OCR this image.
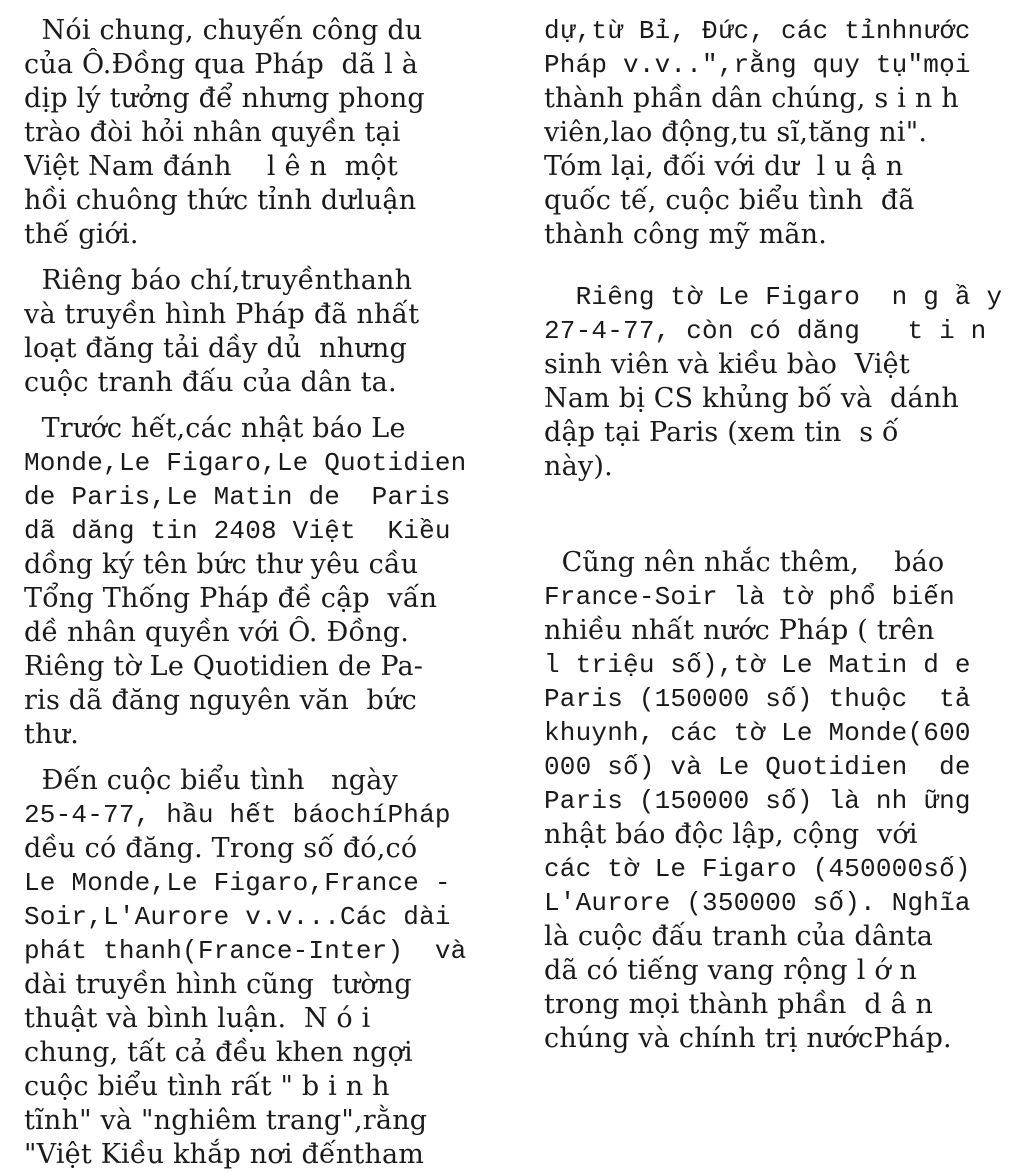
Nói chung, chuyến công du
của Ô.Đồng qua Pháp  dã l à
dịp lý tưởng để nhưng phong
trào đòi hỏi nhân quyền tại
Việt Nam đánh    l ê n  một
hồi chuông thức tỉnh dưluận
thế giới.
Riêng báo chí,truyềnthanh
và truyền hình Pháp đã nhất
loạt đăng tải dầy dủ  nhưng
cuộc tranh đấu của dân ta.
Trước hết,các nhật báo Le
Monde,Le Figaro,Le Quotidien
de Paris,Le Matin de  Paris
dã dăng tin 2408 Việt  Kiều
dồng ký tên bức thư yêu cầu
Tổng Thống Pháp đề cập  vấn
dề nhân quyền với Ô. Đồng.
Riêng tờ Le Quotidien de Pa-
ris dã đăng nguyên văn  bức
thư.
Đến cuộc biểu tình   ngày
25-4-77, hầu hết báochíPháp
dều có đăng. Trong số đó,có
Le Monde,Le Figaro,France -
Soir,L'Aurore v.v...Các dài
phát thanh(France-Inter)  và
dài truyền hình cũng  tường
thuật và bình luận.  N ó i
chung, tất cả đều khen ngợi
cuộc biểu tình rất " b i n h
tĩnh" và "nghiêm trang",rằng
"Việt Kiều khắp nơi đếntham
dự,từ Bỉ, Đức, các tỉnhnước
Pháp v.v..",rằng quy tụ"mọi
thành phần dân chúng, s i n h
viên,lao động,tu sĩ,tăng ni".
Tóm lại, đối với dư  l u ậ n
quốc tế, cuộc biểu tình  đã
thành công mỹ mãn.
Riêng tờ Le Figaro  n g ầ y
27-4-77, còn có dăng   t i n
sinh viên và kiều bào  Việt
Nam bị CS khủng bố và  dánh
dập tại Paris (xem tin  s ố
này).
Cũng nên nhắc thêm,    báo
France-Soir là tờ phổ biến
nhiều nhất nước Pháp ( trên
l triệu số),tờ Le Matin d e
Paris (150000 số) thuộc  tả
khuynh, các tờ Le Monde(600
000 số) và Le Quotidien  de
Paris (150000 số) là nh ững
nhật báo độc lập, cộng  với
các tờ Le Figaro (450000số)
L'Aurore (350000 số). Nghĩa
là cuộc đấu tranh của dânta
dã có tiếng vang rộng l ớ n
trong mọi thành phần  d â n
chúng và chính trị nướcPháp.
